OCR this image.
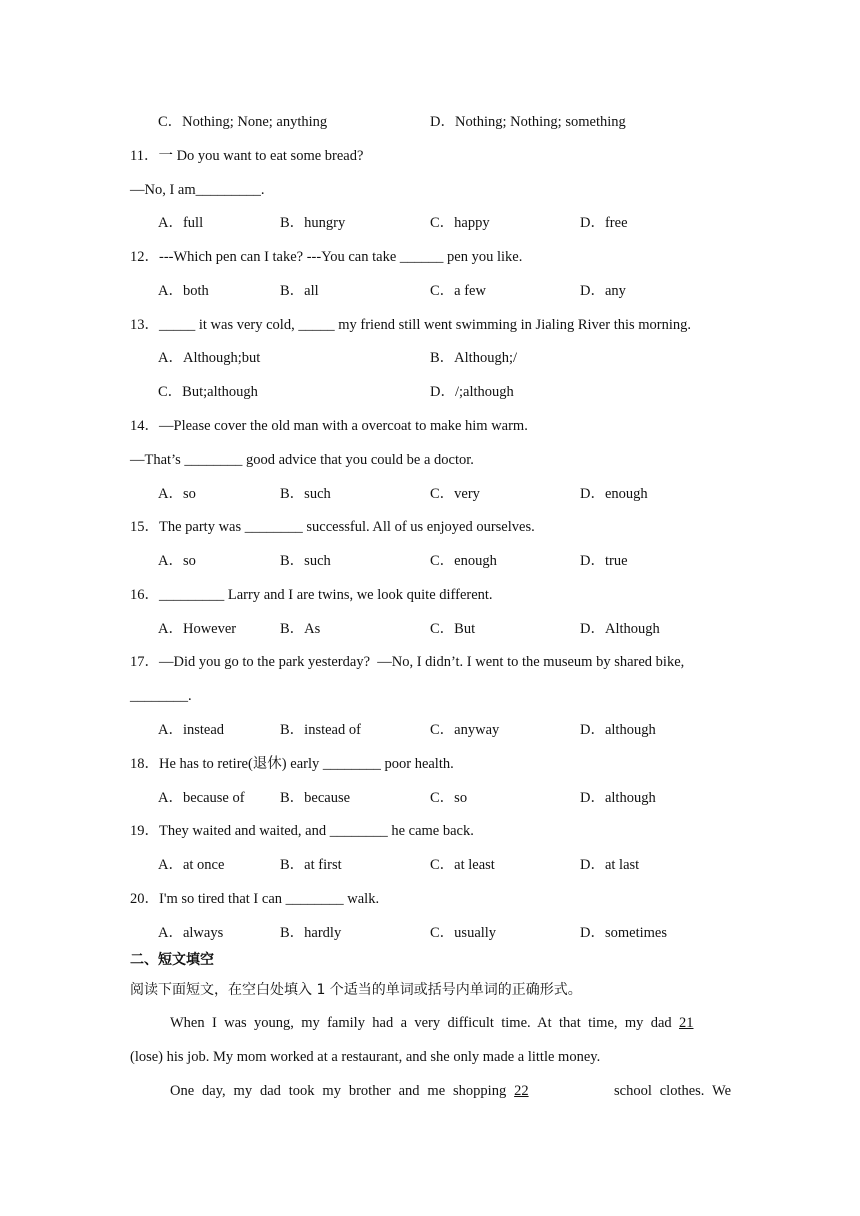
C．Nothing; None; anything	D．Nothing; Nothing; something
11．一 Do you want to eat some bread?
—No, I am_________.
A．full	B．hungry	C．happy	D．free
12．---Which pen can I take? ---You can take ______ pen you like.
A．both	B．all	C．a few	D．any
13．_____ it was very cold, _____ my friend still went swimming in Jialing River this morning.
A．Although;but	B．Although;/
C．But;although	D．/;although
14．—Please cover the old man with a overcoat to make him warm.
—That’s ________ good advice that you could be a doctor.
A．so	B．such	C．very	D．enough
15．The party was ________ successful. All of us enjoyed ourselves.
A．so	B．such	C．enough	D．true
16．_________ Larry and I are twins, we look quite different.
A．However	B．As	C．But	D．Although
17．—Did you go to the park yesterday?  —No, I didn’t. I went to the museum by shared bike,
________.
A．instead	B．instead of	C．anyway	D．although
18．He has to retire(退休) early ________ poor health.
A．because of B．because	C．so	D．although
19．They waited and waited, and ________ he came back.
A．at once	B．at first	C．at least	D．at last
20．I'm so tired that I can ________ walk.
A．always	B．hardly	C．usually	D．sometimes
二、短文填空
阅读下面短文，在空白处填入 1 个适当的单词或括号内单词的正确形式。
When I was young, my family had a very difficult time. At that time, my dad 21
(lose) his job. My mom worked at a restaurant, and she only made a little money.
One day, my dad took my brother and me shopping 22	school clothes. We
